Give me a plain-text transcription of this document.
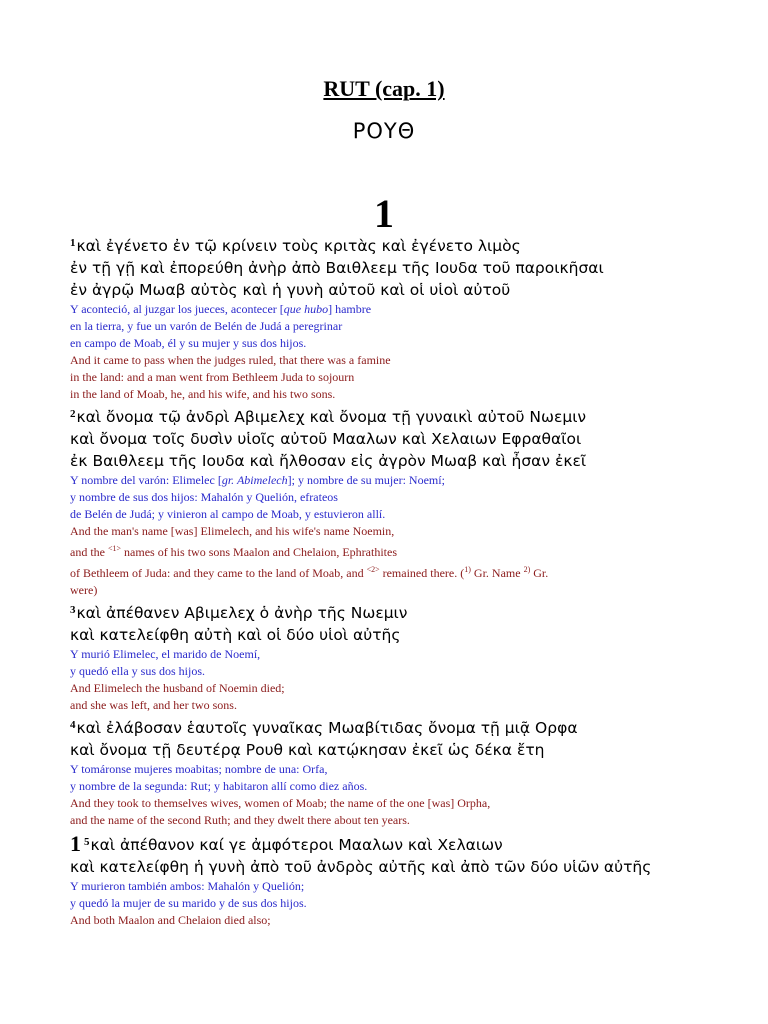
RUT (cap. 1)
ΡΟΥΘ
1
$^1$καὶ ἐγένετο ἐν τῷ κρίνειν τοὺς κριτὰς καὶ ἐγένετο λιμὸς
ἐν τῇ γῇ καὶ ἐπορεύθη ἀνὴρ ἀπὸ Βαιθλεεμ τῆς Ιουδα τοῦ παροικῆσαι
ἐν ἀγρῷ Μωαβ αὐτὸς καὶ ἡ γυνὴ αὐτοῦ καὶ οἱ υἱοὶ αὐτοῦ
Y aconteció, al juzgar los jueces, acontecer [que hubo] hambre
en la tierra, y fue un varón de Belén de Judá a peregrinar
en campo de Moab, él y su mujer y sus dos hijos.
And it came to pass when the judges ruled, that there was a famine
in the land: and a man went from Bethleem Juda to sojourn
in the land of Moab, he, and his wife, and his two sons.
$^2$καὶ ὄνομα τῷ ἀνδρὶ Αβιμελεχ καὶ ὄνομα τῇ γυναικὶ αὐτοῦ Νωεμιν
καὶ ὄνομα τοῖς δυσὶν υἱοῖς αὐτοῦ Μααλων καὶ Χελαιων Εφραθαῖοι
ἐκ Βαιθλεεμ τῆς Ιουδα καὶ ἤλθοσαν εἰς ἀγρὸν Μωαβ καὶ ἦσαν ἐκεῖ
Y nombre del varón: Elimelec [gr. Abimelech]; y nombre de su mujer: Noemí;
y nombre de sus dos hijos: Mahalón y Quelión, efrateos
de Belén de Judá; y vinieron al campo de Moab, y estuvieron allí.
And the man's name [was] Elimelech, and his wife's name Noemin,
and the $^{<1>}$ names of his two sons Maalon and Chelaion, Ephrathites
of Bethleem of Juda: and they came to the land of Moab, and $^{<2>}$ remained there. ($^{1)}$ Gr. Name $^{2)}$ Gr.
were)
$^3$καὶ ἀπέθανεν Αβιμελεχ ὁ ἀνὴρ τῆς Νωεμιν
καὶ κατελείφθη αὐτὴ καὶ οἱ δύο υἱοὶ αὐτῆς
Y murió Elimelec, el marido de Noemí,
y quedó ella y sus dos hijos.
And Elimelech the husband of Noemin died;
and she was left, and her two sons.
$^4$καὶ ἐλάβοσαν ἑαυτοῖς γυναῖκας Μωαβίτιδας ὄνομα τῇ μιᾷ Ορφα
καὶ ὄνομα τῇ δευτέρᾳ Ρουθ καὶ κατῴκησαν ἐκεῖ ὡς δέκα ἔτη
Y tomáronse mujeres moabitas; nombre de una: Orfa,
y nombre de la segunda: Rut; y habitaron allí como diez años.
And they took to themselves wives, women of Moab; the name of the one [was] Orpha,
and the name of the second Ruth; and they dwelt there about ten years.
1 $^5$καὶ ἀπέθανον καί γε ἀμφότεροι Μααλων καὶ Χελαιων
καὶ κατελείφθη ἡ γυνὴ ἀπὸ τοῦ ἀνδρὸς αὐτῆς καὶ ἀπὸ τῶν δύο υἱῶν αὐτῆς
Y murieron también ambos: Mahalón y Quelión;
y quedó la mujer de su marido y de sus dos hijos.
And both Maalon and Chelaion died also;
